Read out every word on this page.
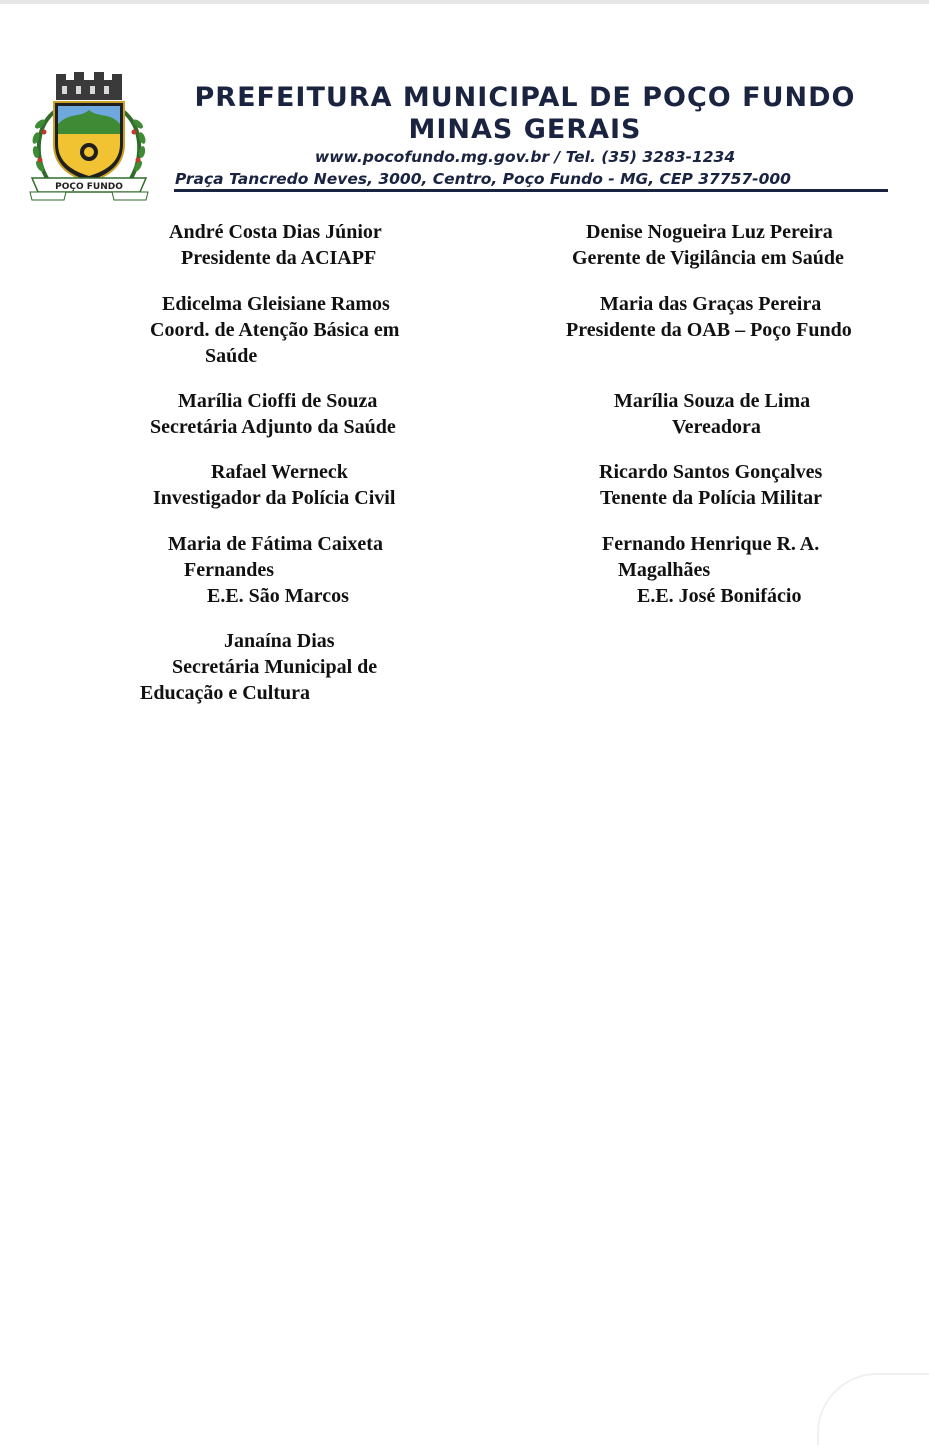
POÇO FUNDO
PREFEITURA MUNICIPAL DE POÇO FUNDO
MINAS GERAIS
www.pocofundo.mg.gov.br / Tel. (35) 3283-1234
Praça Tancredo Neves, 3000, Centro, Poço Fundo - MG, CEP 37757-000
André Costa Dias Júnior
Presidente da ACIAPF
Edicelma Gleisiane Ramos
Coord. de Atenção Básica em
Saúde
Marília Cioffi de Souza
Secretária Adjunto da Saúde
Rafael Werneck
Investigador da Polícia Civil
Maria de Fátima Caixeta
Fernandes
E.E. São Marcos
Janaína Dias
Secretária Municipal de
Educação e Cultura
Denise Nogueira Luz Pereira
Gerente de Vigilância em Saúde
Maria das Graças Pereira
Presidente da OAB – Poço Fundo
Marília Souza de Lima
Vereadora
Ricardo Santos Gonçalves
Tenente da Polícia Militar
Fernando Henrique R. A.
Magalhães
E.E. José Bonifácio
